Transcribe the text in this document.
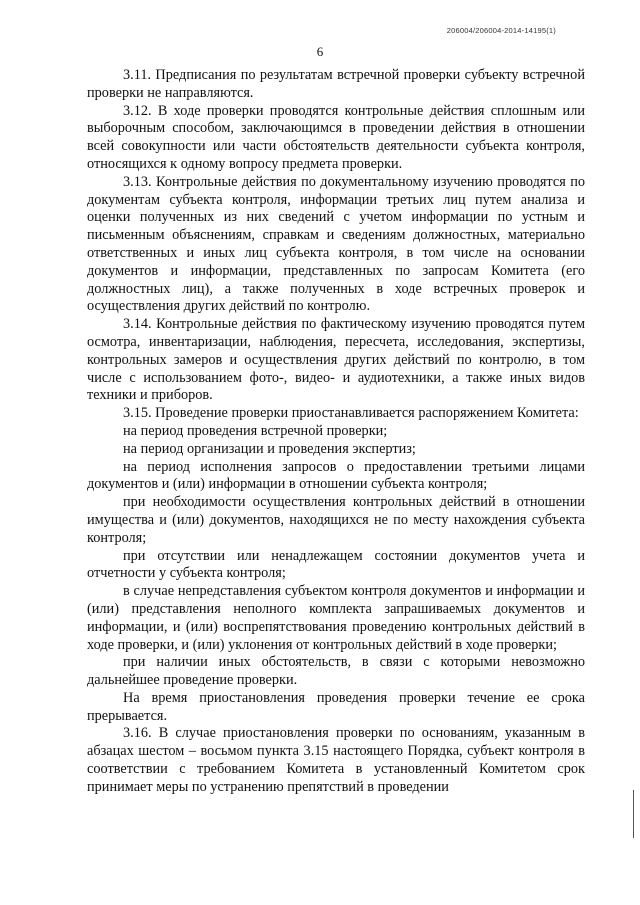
206004/206004-2014-14195(1)
6

3.11. Предписания по результатам встречной проверки субъекту встречной проверки не направляются.

3.12. В ходе проверки проводятся контрольные действия сплошным или выборочным способом, заключающимся в проведении действия в отношении всей совокупности или части обстоятельств деятельности субъекта контроля, относящихся к одному вопросу предмета проверки.

3.13. Контрольные действия по документальному изучению проводятся по документам субъекта контроля, информации третьих лиц путем анализа и оценки полученных из них сведений с учетом информации по устным и письменным объяснениям, справкам и сведениям должностных, материально ответственных и иных лиц субъекта контроля, в том числе на основании документов и информации, представленных по запросам Комитета (его должностных лиц), а также полученных в ходе встречных проверок и осуществления других действий по контролю.

3.14. Контрольные действия по фактическому изучению проводятся путем осмотра, инвентаризации, наблюдения, пересчета, исследования, экспертизы, контрольных замеров и осуществления других действий по контролю, в том числе с использованием фото-, видео- и аудиотехники, а также иных видов техники и приборов.

3.15. Проведение проверки приостанавливается распоряжением Комитета:

на период проведения встречной проверки;

на период организации и проведения экспертиз;

на период исполнения запросов о предоставлении третьими лицами документов и (или) информации в отношении субъекта контроля;

при необходимости осуществления контрольных действий в отношении имущества и (или) документов, находящихся не по месту нахождения субъекта контроля;

при отсутствии или ненадлежащем состоянии документов учета и отчетности у субъекта контроля;

в случае непредставления субъектом контроля документов и информации и (или) представления неполного комплекта запрашиваемых документов и информации, и (или) воспрепятствования проведению контрольных действий в ходе проверки, и (или) уклонения от контрольных действий в ходе проверки;

при наличии иных обстоятельств, в связи с которыми невозможно дальнейшее проведение проверки.

На время приостановления проведения проверки течение ее срока прерывается.

3.16. В случае приостановления проверки по основаниям, указанным в абзацах шестом – восьмом пункта 3.15 настоящего Порядка, субъект контроля в соответствии с требованием Комитета в установленный Комитетом срок принимает меры по устранению препятствий в проведении
